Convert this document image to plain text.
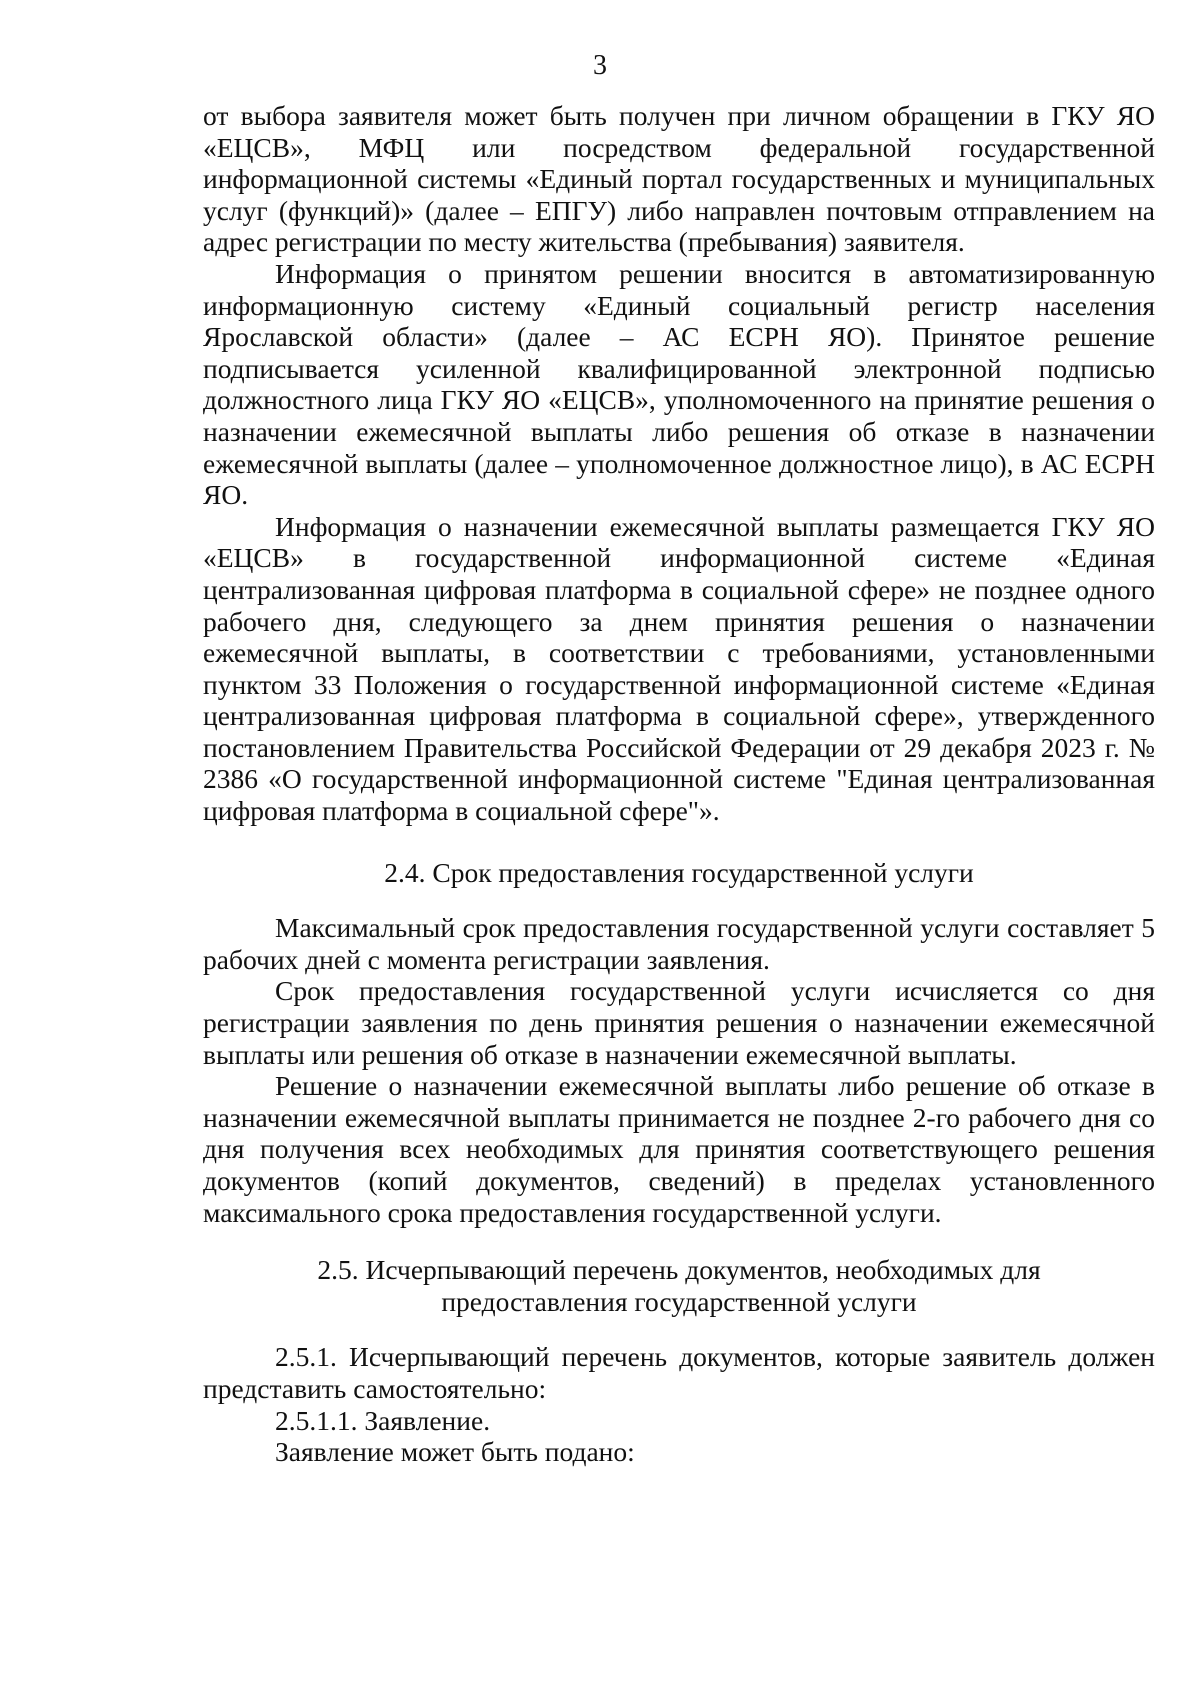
3

от выбора заявителя может быть получен при личном обращении в ГКУ ЯО «ЕЦСВ», МФЦ или посредством федеральной государственной информационной системы «Единый портал государственных и муниципальных услуг (функций)» (далее – ЕПГУ) либо направлен почтовым отправлением на адрес регистрации по месту жительства (пребывания) заявителя.

Информация о принятом решении вносится в автоматизированную информационную систему «Единый социальный регистр населения Ярославской области» (далее – АС ЕСРН ЯО). Принятое решение подписывается усиленной квалифицированной электронной подписью должностного лица ГКУ ЯО «ЕЦСВ», уполномоченного на принятие решения о назначении ежемесячной выплаты либо решения об отказе в назначении ежемесячной выплаты (далее – уполномоченное должностное лицо), в АС ЕСРН ЯО.

Информация о назначении ежемесячной выплаты размещается ГКУ ЯО «ЕЦСВ» в государственной информационной системе «Единая централизованная цифровая платформа в социальной сфере» не позднее одного рабочего дня, следующего за днем принятия решения о назначении ежемесячной выплаты, в соответствии с требованиями, установленными пунктом 33 Положения о государственной информационной системе «Единая централизованная цифровая платформа в социальной сфере», утвержденного постановлением Правительства Российской Федерации от 29 декабря 2023 г. № 2386 «О государственной информационной системе "Единая централизованная цифровая платформа в социальной сфере"».

2.4. Срок предоставления государственной услуги

Максимальный срок предоставления государственной услуги составляет 5 рабочих дней с момента регистрации заявления.

Срок предоставления государственной услуги исчисляется со дня регистрации заявления по день принятия решения о назначении ежемесячной выплаты или решения об отказе в назначении ежемесячной выплаты.

Решение о назначении ежемесячной выплаты либо решение об отказе в назначении ежемесячной выплаты принимается не позднее 2-го рабочего дня со дня получения всех необходимых для принятия соответствующего решения документов (копий документов, сведений) в пределах установленного максимального срока предоставления государственной услуги.

2.5. Исчерпывающий перечень документов, необходимых для
предоставления государственной услуги

2.5.1. Исчерпывающий перечень документов, которые заявитель должен представить самостоятельно:

2.5.1.1. Заявление.
Заявление может быть подано:
